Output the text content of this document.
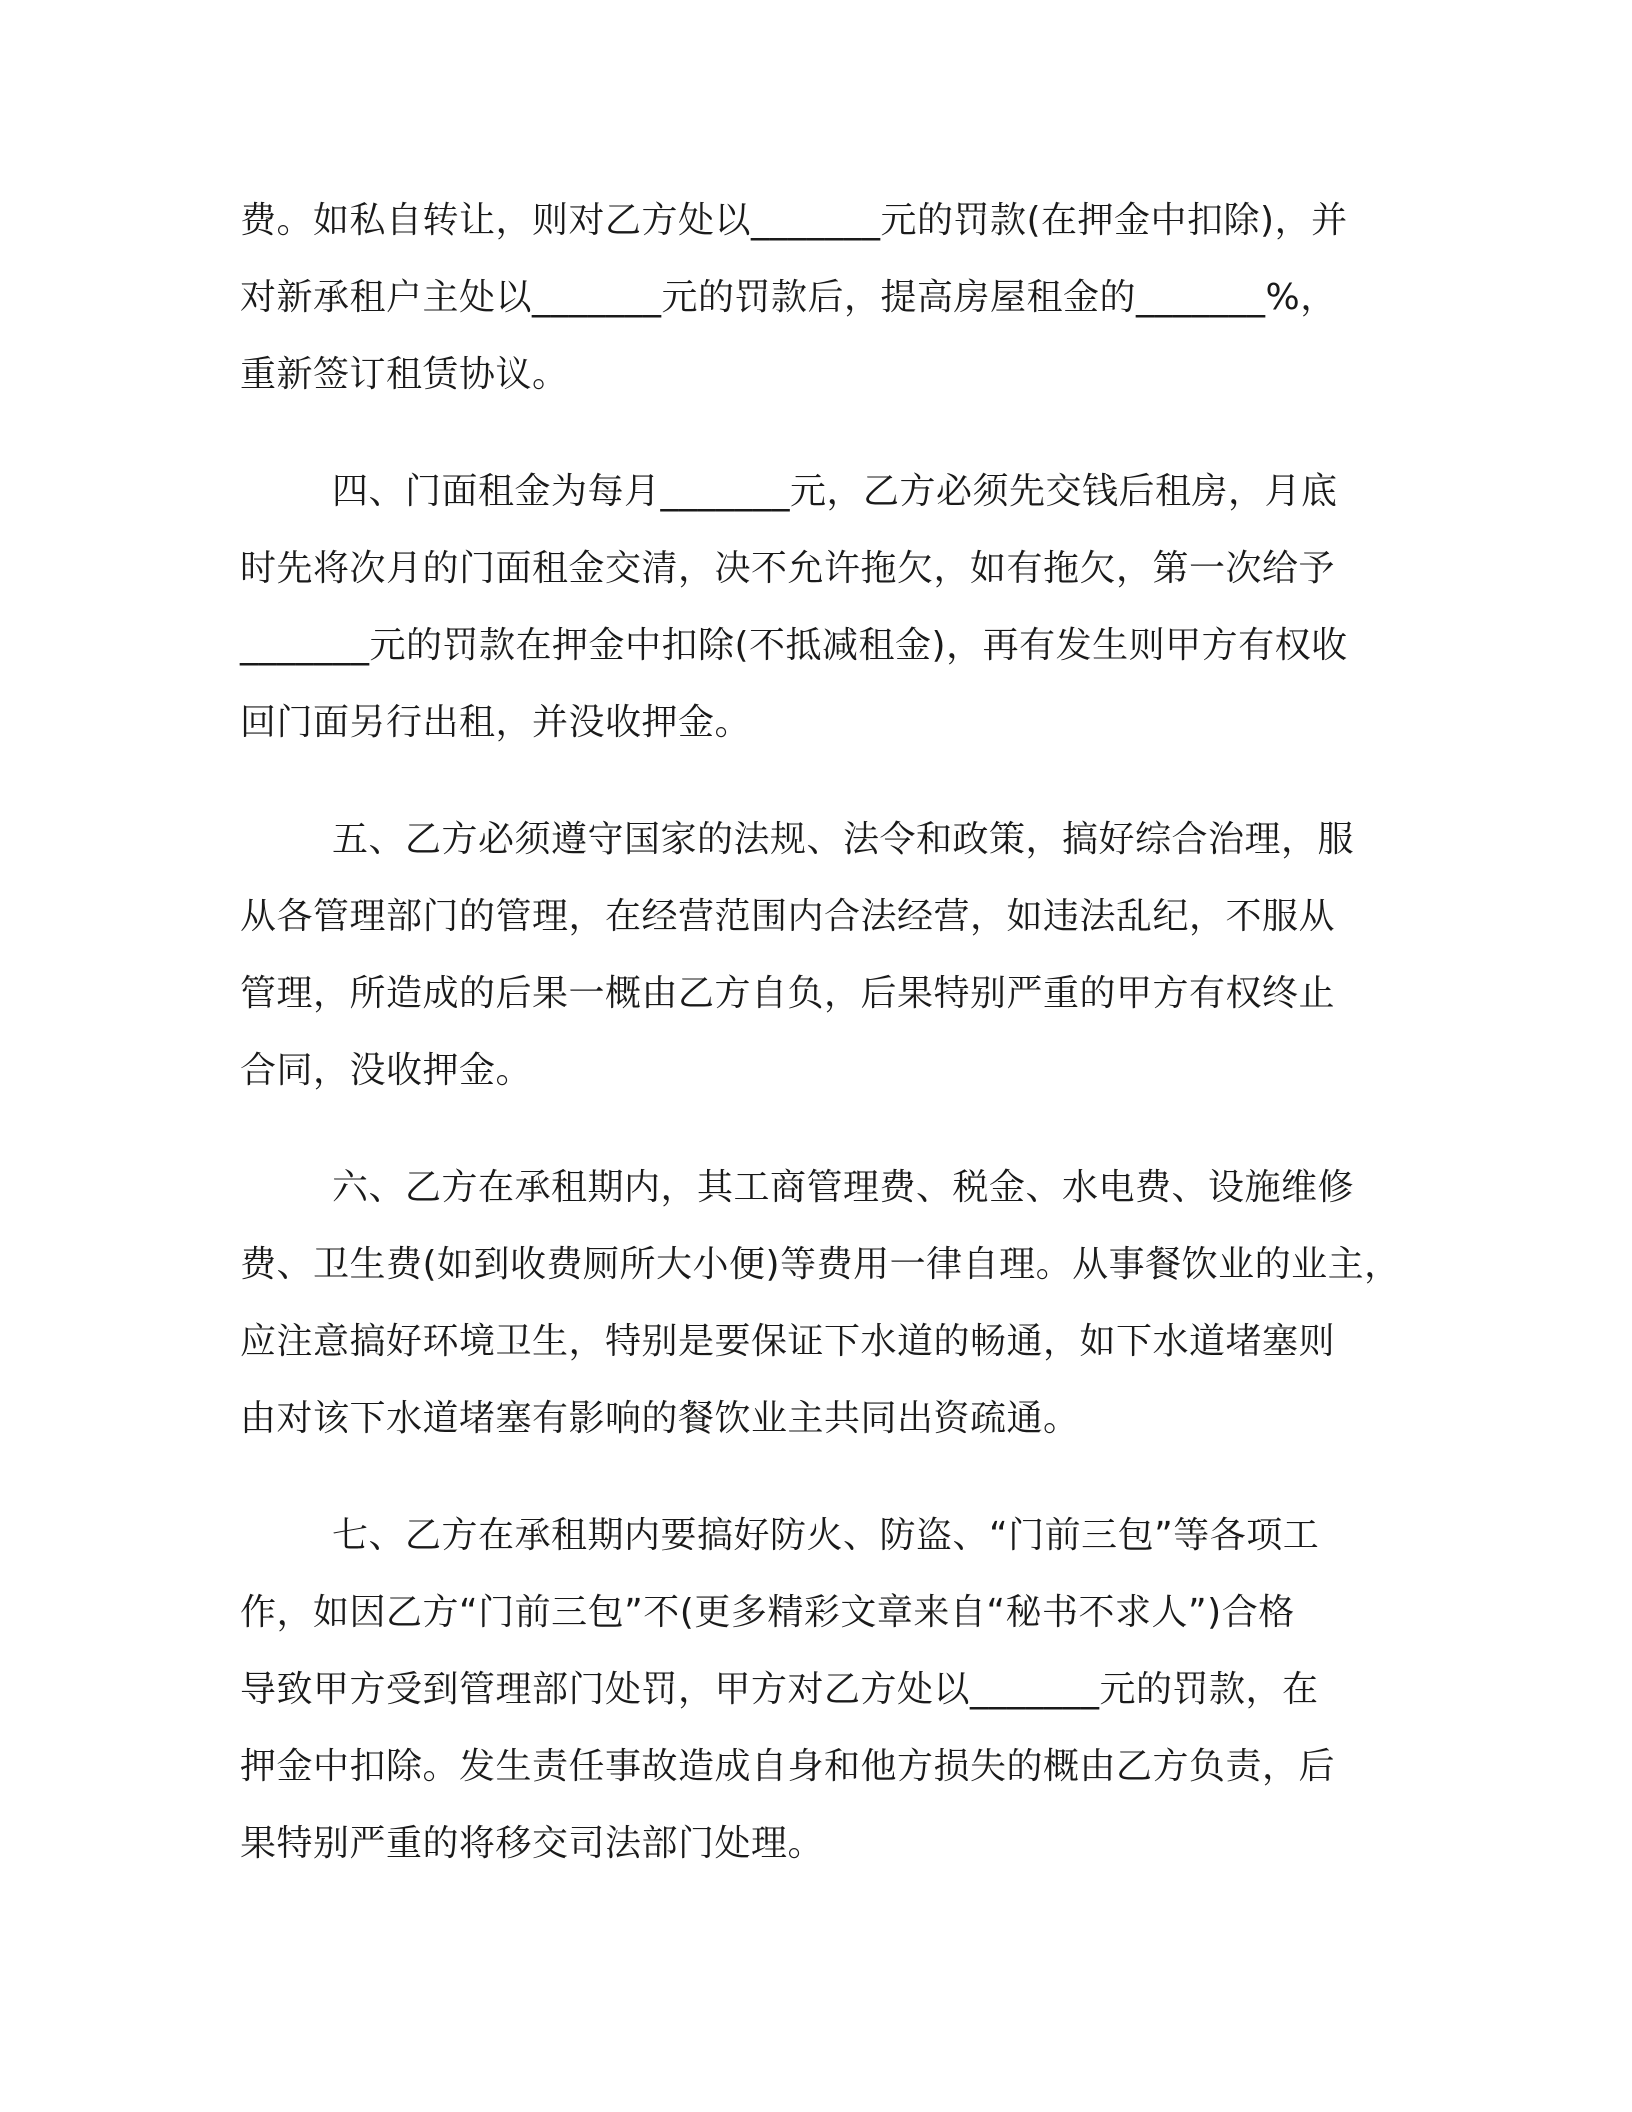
费。如私自转让，则对乙方处以_______元的罚款(在押金中扣除)，并
对新承租户主处以_______元的罚款后，提高房屋租金的_______%，
重新签订租赁协议。
四、门面租金为每月_______元，乙方必须先交钱后租房，月底
时先将次月的门面租金交清，决不允许拖欠，如有拖欠，第一次给予
_______元的罚款在押金中扣除(不抵减租金)，再有发生则甲方有权收
回门面另行出租，并没收押金。
五、乙方必须遵守国家的法规、法令和政策，搞好综合治理，服
从各管理部门的管理，在经营范围内合法经营，如违法乱纪，不服从
管理，所造成的后果一概由乙方自负，后果特别严重的甲方有权终止
合同，没收押金。
六、乙方在承租期内，其工商管理费、税金、水电费、设施维修
费、卫生费(如到收费厕所大小便)等费用一律自理。从事餐饮业的业主，
应注意搞好环境卫生，特别是要保证下水道的畅通，如下水道堵塞则
由对该下水道堵塞有影响的餐饮业主共同出资疏通。
七、乙方在承租期内要搞好防火、防盗、“门前三包”等各项工
作，如因乙方“门前三包”不(更多精彩文章来自“秘书不求人”)合格
导致甲方受到管理部门处罚，甲方对乙方处以_______元的罚款，在
押金中扣除。发生责任事故造成自身和他方损失的概由乙方负责，后
果特别严重的将移交司法部门处理。
